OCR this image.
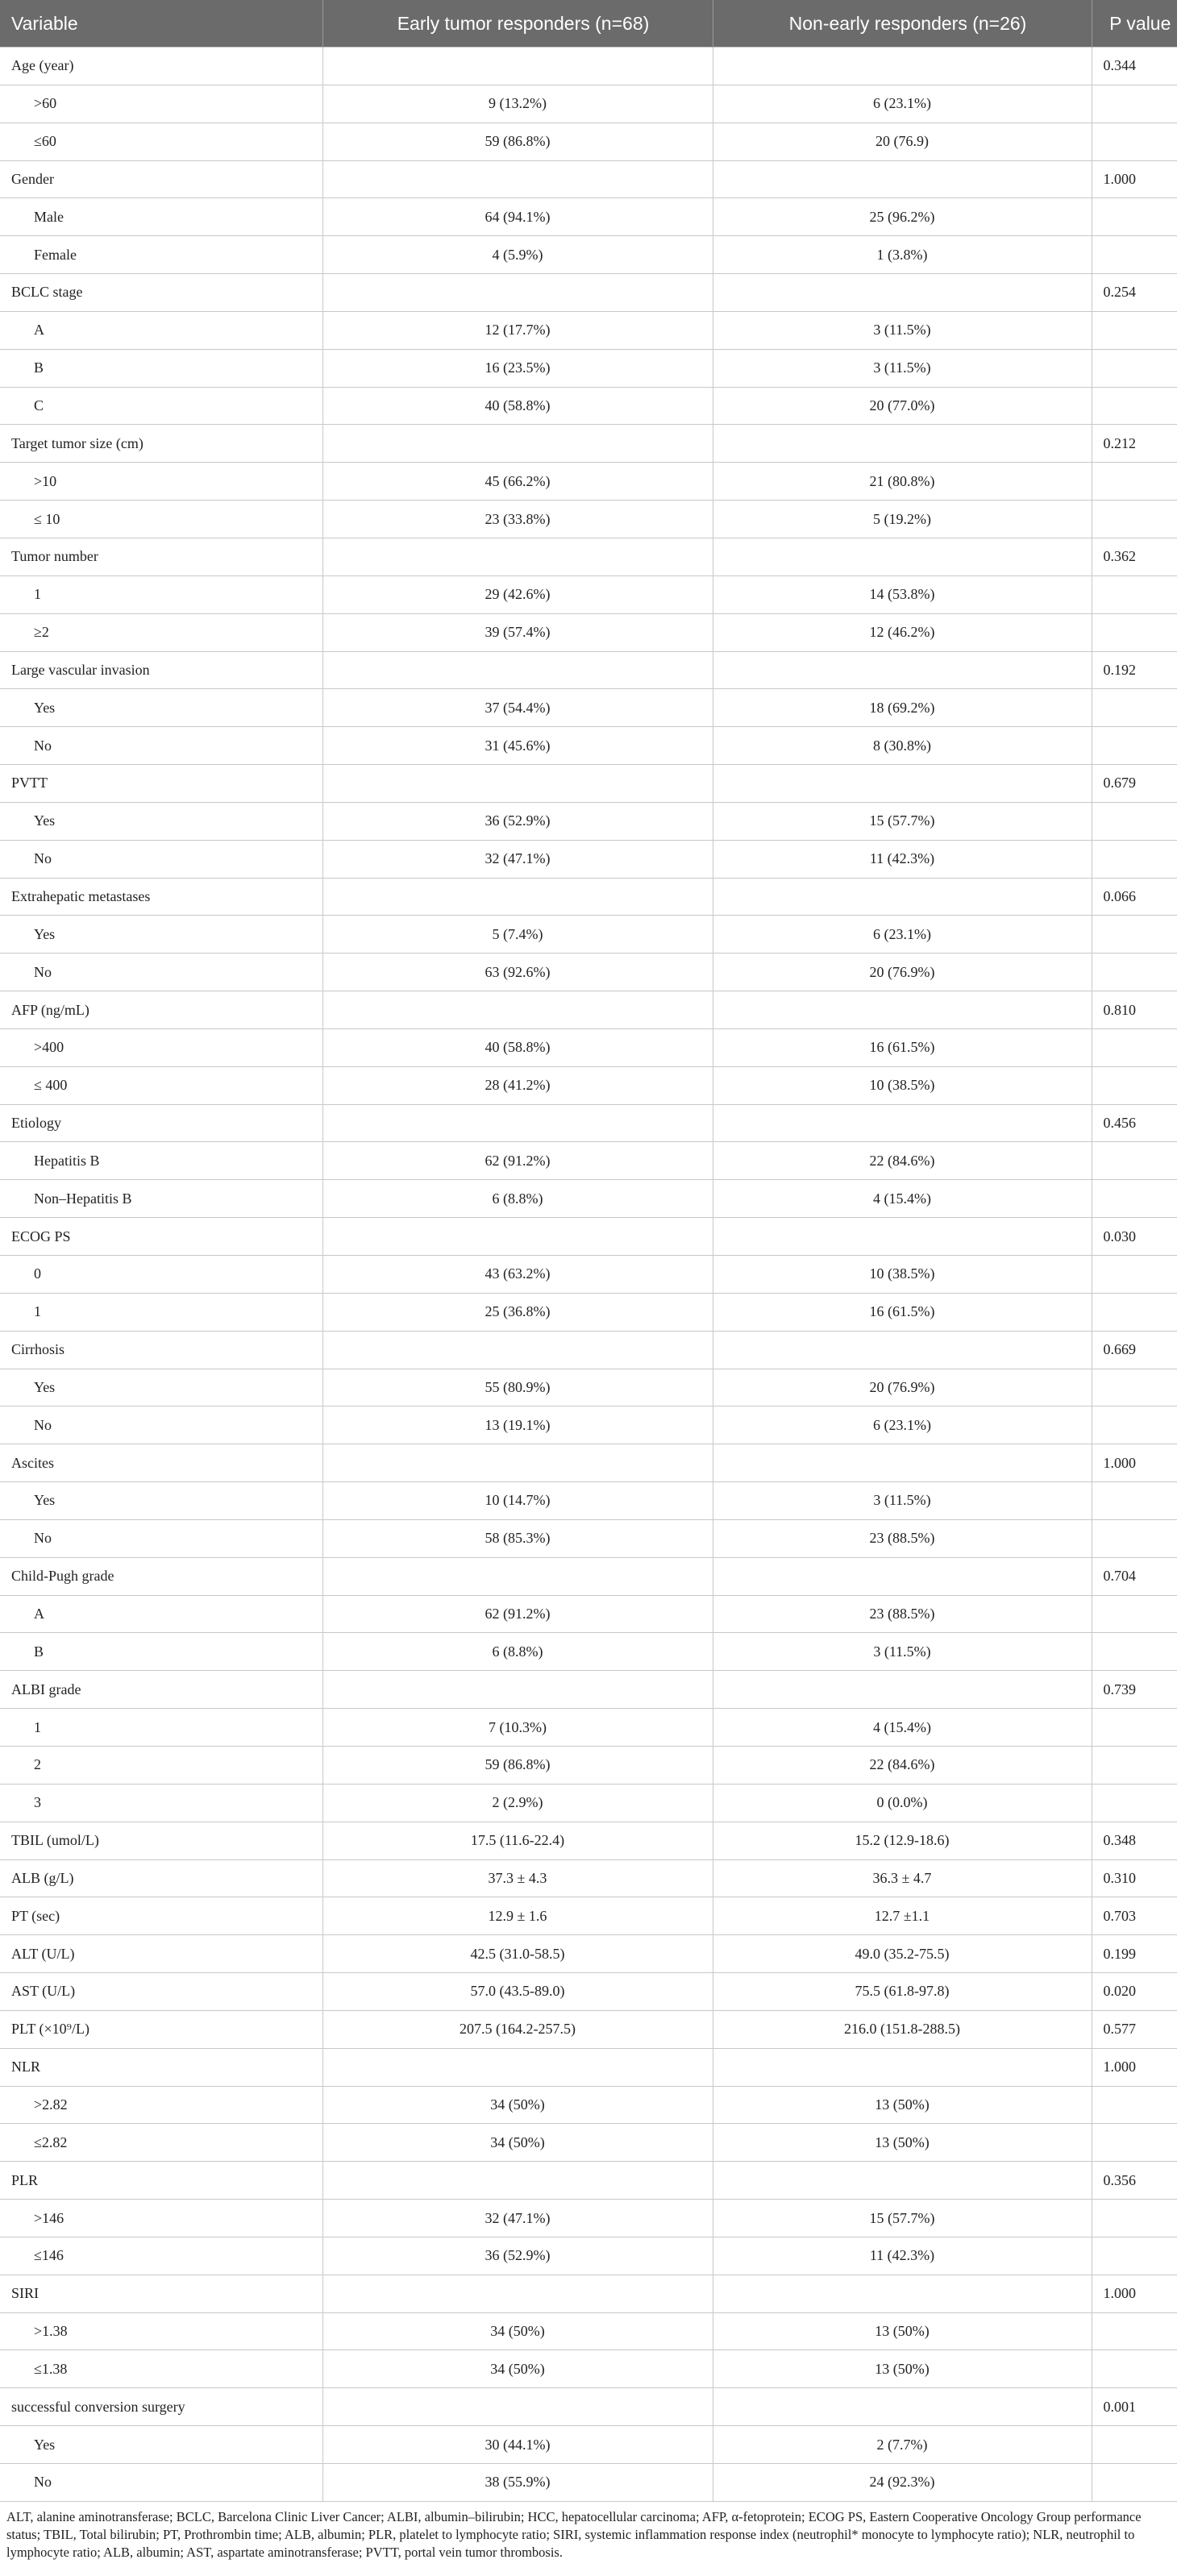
Variable	Early tumor responders (n=68)	Non-early responders (n=26)	P value
Age (year)			0.344
>60	9 (13.2%)	6 (23.1%)	
≤60	59 (86.8%)	20 (76.9)	
Gender			1.000
Male	64 (94.1%)	25 (96.2%)	
Female	4 (5.9%)	1 (3.8%)	
BCLC stage			0.254
A	12 (17.7%)	3 (11.5%)	
B	16 (23.5%)	3 (11.5%)	
C	40 (58.8%)	20 (77.0%)	
Target tumor size (cm)			0.212
>10	45 (66.2%)	21 (80.8%)	
≤ 10	23 (33.8%)	5 (19.2%)	
Tumor number			0.362
1	29 (42.6%)	14 (53.8%)	
≥2	39 (57.4%)	12 (46.2%)	
Large vascular invasion			0.192
Yes	37 (54.4%)	18 (69.2%)	
No	31 (45.6%)	8 (30.8%)	
PVTT			0.679
Yes	36 (52.9%)	15 (57.7%)	
No	32 (47.1%)	11 (42.3%)	
Extrahepatic metastases			0.066
Yes	5 (7.4%)	6 (23.1%)	
No	63 (92.6%)	20 (76.9%)	
AFP (ng/mL)			0.810
>400	40 (58.8%)	16 (61.5%)	
≤ 400	28 (41.2%)	10 (38.5%)	
Etiology			0.456
Hepatitis B	62 (91.2%)	22 (84.6%)	
Non–Hepatitis B	6 (8.8%)	4 (15.4%)	
ECOG PS			0.030
0	43 (63.2%)	10 (38.5%)	
1	25 (36.8%)	16 (61.5%)	
Cirrhosis			0.669
Yes	55 (80.9%)	20 (76.9%)	
No	13 (19.1%)	6 (23.1%)	
Ascites			1.000
Yes	10 (14.7%)	3 (11.5%)	
No	58 (85.3%)	23 (88.5%)	
Child-Pugh grade			0.704
A	62 (91.2%)	23 (88.5%)	
B	6 (8.8%)	3 (11.5%)	
ALBI grade			0.739
1	7 (10.3%)	4 (15.4%)	
2	59 (86.8%)	22 (84.6%)	
3	2 (2.9%)	0 (0.0%)	
TBIL (umol/L)	17.5 (11.6-22.4)	15.2 (12.9-18.6)	0.348
ALB (g/L)	37.3 ± 4.3	36.3 ± 4.7	0.310
PT (sec)	12.9 ± 1.6	12.7 ±1.1	0.703
ALT (U/L)	42.5 (31.0-58.5)	49.0 (35.2-75.5)	0.199
AST (U/L)	57.0 (43.5-89.0)	75.5 (61.8-97.8)	0.020
PLT (×10⁹/L)	207.5 (164.2-257.5)	216.0 (151.8-288.5)	0.577
NLR			1.000
>2.82	34 (50%)	13 (50%)	
≤2.82	34 (50%)	13 (50%)	
PLR			0.356
>146	32 (47.1%)	15 (57.7%)	
≤146	36 (52.9%)	11 (42.3%)	
SIRI			1.000
>1.38	34 (50%)	13 (50%)	
≤1.38	34 (50%)	13 (50%)	
successful conversion surgery			0.001
Yes	30 (44.1%)	2 (7.7%)	
No	38 (55.9%)	24 (92.3%)	
ALT, alanine aminotransferase; BCLC, Barcelona Clinic Liver Cancer; ALBI, albumin–bilirubin; HCC, hepatocellular carcinoma; AFP, α-fetoprotein; ECOG PS, Eastern Cooperative Oncology Group performance status; TBIL, Total bilirubin; PT, Prothrombin time; ALB, albumin; PLR, platelet to lymphocyte ratio; SIRI, systemic inflammation response index (neutrophil* monocyte to lymphocyte ratio); NLR, neutrophil to lymphocyte ratio; ALB, albumin; AST, aspartate aminotransferase; PVTT, portal vein tumor thrombosis.
